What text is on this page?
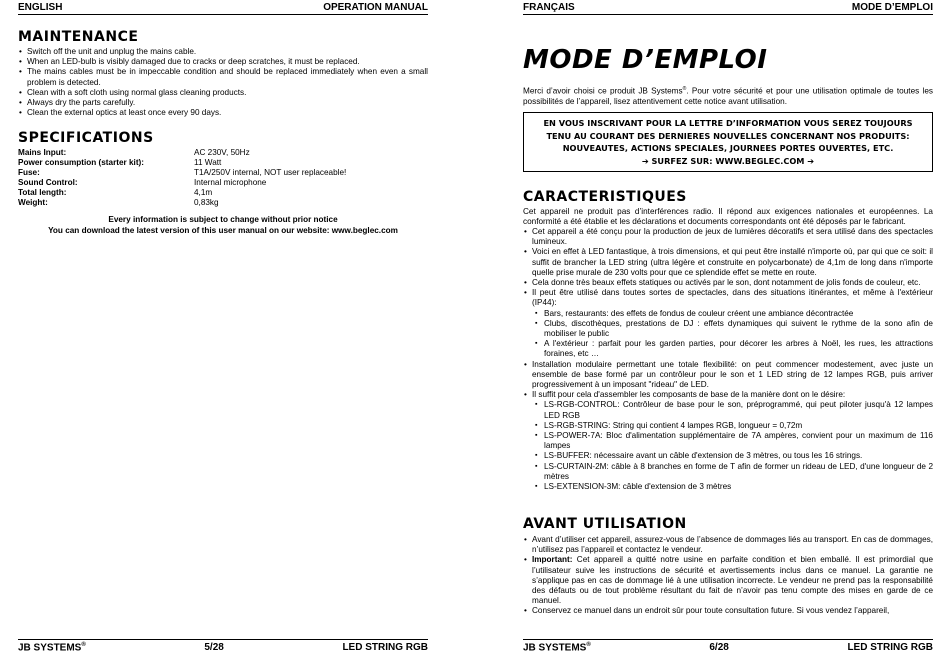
ENGLISH	OPERATION MANUAL
MAINTENANCE
• Switch off the unit and unplug the mains cable.
• When an LED-bulb is visibly damaged due to cracks or deep scratches, it must be replaced.
• The mains cables must be in impeccable condition and should be replaced immediately when even a small problem is detected.
• Clean with a soft cloth using normal glass cleaning products.
• Always dry the parts carefully.
• Clean the external optics at least once every 90 days.
SPECIFICATIONS
Mains Input:	AC 230V, 50Hz
Power consumption (starter kit):	11 Watt
Fuse:	T1A/250V internal, NOT user replaceable!
Sound Control:	Internal microphone
Total length:	4,1m
Weight:	0,83kg
Every information is subject to change without prior notice
You can download the latest version of this user manual on our website: www.beglec.com
JB SYSTEMS®	5/28	LED STRING RGB
FRANÇAIS	MODE D’EMPLOI
MODE D’EMPLOI
Merci d’avoir choisi ce produit JB Systems®. Pour votre sécurité et pour une utilisation optimale de toutes les possibilités de l’appareil, lisez attentivement cette notice avant utilisation.
EN VOUS INSCRIVANT POUR LA LETTRE D’INFORMATION VOUS SEREZ TOUJOURS
TENU AU COURANT DES DERNIERES NOUVELLES CONCERNANT NOS PRODUITS:
NOUVEAUTES, ACTIONS SPECIALES, JOURNEES PORTES OUVERTES, ETC.
➔ SURFEZ SUR: WWW.BEGLEC.COM ➔
CARACTERISTIQUES
Cet appareil ne produit pas d’interférences radio. Il répond aux exigences nationales et européennes. La conformité a été établie et les déclarations et documents correspondants ont été déposés par le fabricant.
• Cet appareil a été conçu pour la production de jeux de lumières décoratifs et sera utilisé dans des spectacles lumineux.
• Voici en effet à LED fantastique, à trois dimensions, et qui peut être installé n'importe où, par qui que ce soit: il suffit de brancher la LED string (ultra légère et construite en polycarbonate) de 4,1m de long dans n'importe quelle prise murale de 230 volts pour que ce splendide effet se mette en route.
• Cela donne très beaux effets statiques ou activés par le son, dont notamment de jolis fonds de couleur, etc.
• Il peut être utilisé dans toutes sortes de spectacles, dans des situations itinérantes, et même à l'extérieur (IP44):
▪ Bars, restaurants: des effets de fondus de couleur créent une ambiance décontractée
▪ Clubs, discothèques, prestations de DJ : effets dynamiques qui suivent le rythme de la sono afin de mobiliser le public
▪ A l'extérieur : parfait pour les garden parties, pour décorer les arbres à Noël, les rues, les attractions foraines, etc …
• Installation modulaire permettant une totale flexibilité: on peut commencer modestement, avec juste un ensemble de base formé par un contrôleur pour le son et 1 LED string de 12 lampes RGB, puis arriver progressivement à un imposant "rideau" de LED.
• Il suffit pour cela d'assembler les composants de base de la manière dont on le désire:
▪ LS-RGB-CONTROL: Contrôleur de base pour le son, préprogrammé, qui peut piloter jusqu'à 12 lampes LED RGB
▪ LS-RGB-STRING: String qui contient 4 lampes RGB, longueur = 0,72m
▪ LS-POWER-7A: Bloc d'alimentation supplémentaire de 7A ampères, convient pour un maximum de 116 lampes
▪ LS-BUFFER: nécessaire avant un câble d'extension de 3 mètres, ou tous les 16 strings.
▪ LS-CURTAIN-2M: câble à 8 branches en forme de T afin de former un rideau de LED, d'une longueur de 2 mètres
▪ LS-EXTENSION-3M: câble d'extension de 3 mètres
AVANT UTILISATION
• Avant d’utiliser cet appareil, assurez-vous de l’absence de dommages liés au transport. En cas de dommages, n’utilisez pas l’appareil et contactez le vendeur.
• Important: Cet appareil a quitté notre usine en parfaite condition et bien emballé. Il est primordial que l’utilisateur suive les instructions de sécurité et avertissements inclus dans ce manuel. La garantie ne s’applique pas en cas de dommage lié à une utilisation incorrecte. Le vendeur ne prend pas la responsabilité des défauts ou de tout problème résultant du fait de n’avoir pas tenu compte des mises en garde de ce manuel.
• Conservez ce manuel dans un endroit sûr pour toute consultation future. Si vous vendez l’appareil,
JB SYSTEMS®	6/28	LED STRING RGB
